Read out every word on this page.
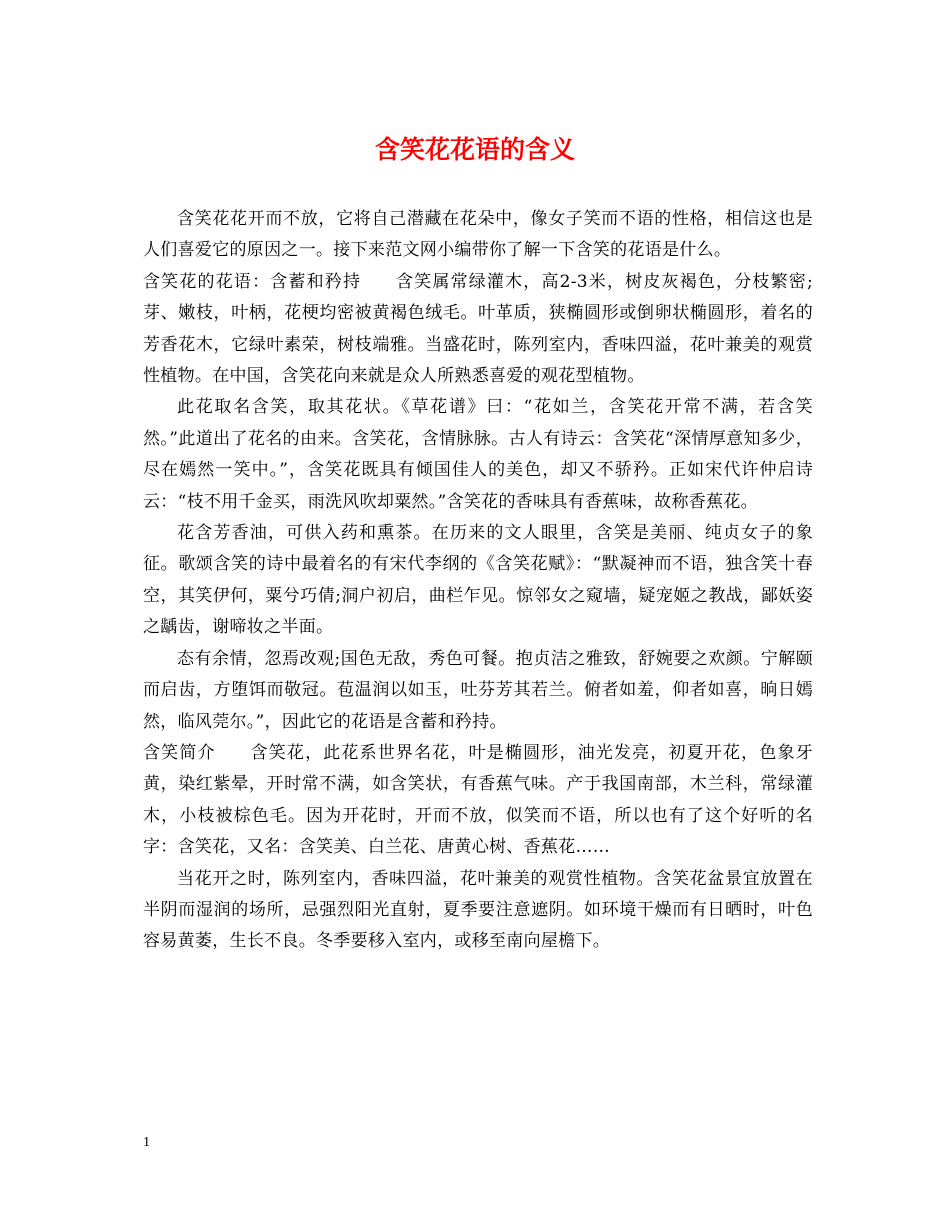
含笑花花语的含义

含笑花花开而不放，它将自己潜藏在花朵中，像女子笑而不语的性格，相信这也是人们喜爱它的原因之一。接下来范文网小编带你了解一下含笑的花语是什么。

含笑花的花语：含蓄和矜持 含笑属常绿灌木，高2-3米，树皮灰褐色，分枝繁密;芽、嫩枝，叶柄，花梗均密被黄褐色绒毛。叶革质，狭椭圆形或倒卵状椭圆形，着名的芳香花木，它绿叶素荣，树枝端雅。当盛花时，陈列室内，香味四溢，花叶兼美的观赏性植物。在中国，含笑花向来就是众人所熟悉喜爱的观花型植物。

此花取名含笑，取其花状。《草花谱》曰：“花如兰，含笑花开常不满，若含笑然。”此道出了花名的由来。含笑花，含情脉脉。古人有诗云：含笑花“深情厚意知多少，尽在嫣然一笑中。”，含笑花既具有倾国佳人的美色，却又不骄矜。正如宋代许仲启诗云：“枝不用千金买，雨洗风吹却粟然。”含笑花的香味具有香蕉味，故称香蕉花。

花含芳香油，可供入药和熏茶。在历来的文人眼里，含笑是美丽、纯贞女子的象征。歌颂含笑的诗中最着名的有宋代李纲的《含笑花赋》：“默凝神而不语，独含笑十春空，其笑伊何，粟兮巧倩;洞户初启，曲栏乍见。惊邻女之窥墙，疑宠姬之教战，鄙妖姿之龋齿，谢啼妆之半面。

态有余情，忽焉改观;国色无敌，秀色可餐。抱贞洁之雅致，舒婉要之欢颜。宁解颐而启齿，方堕饵而敬冠。苞温润以如玉，吐芬芳其若兰。俯者如羞，仰者如喜，晌日嫣然，临风莞尔。”，因此它的花语是含蓄和矜持。

含笑简介 含笑花，此花系世界名花，叶是椭圆形，油光发亮，初夏开花，色象牙黄，染红紫晕，开时常不满，如含笑状，有香蕉气味。产于我国南部，木兰科，常绿灌木，小枝被棕色毛。因为开花时，开而不放，似笑而不语，所以也有了这个好听的名字：含笑花，又名：含笑美、白兰花、唐黄心树、香蕉花……

当花开之时，陈列室内，香味四溢，花叶兼美的观赏性植物。含笑花盆景宜放置在半阴而湿润的场所，忌强烈阳光直射，夏季要注意遮阴。如环境干燥而有日晒时，叶色容易黄萎，生长不良。冬季要移入室内，或移至南向屋檐下。

1
